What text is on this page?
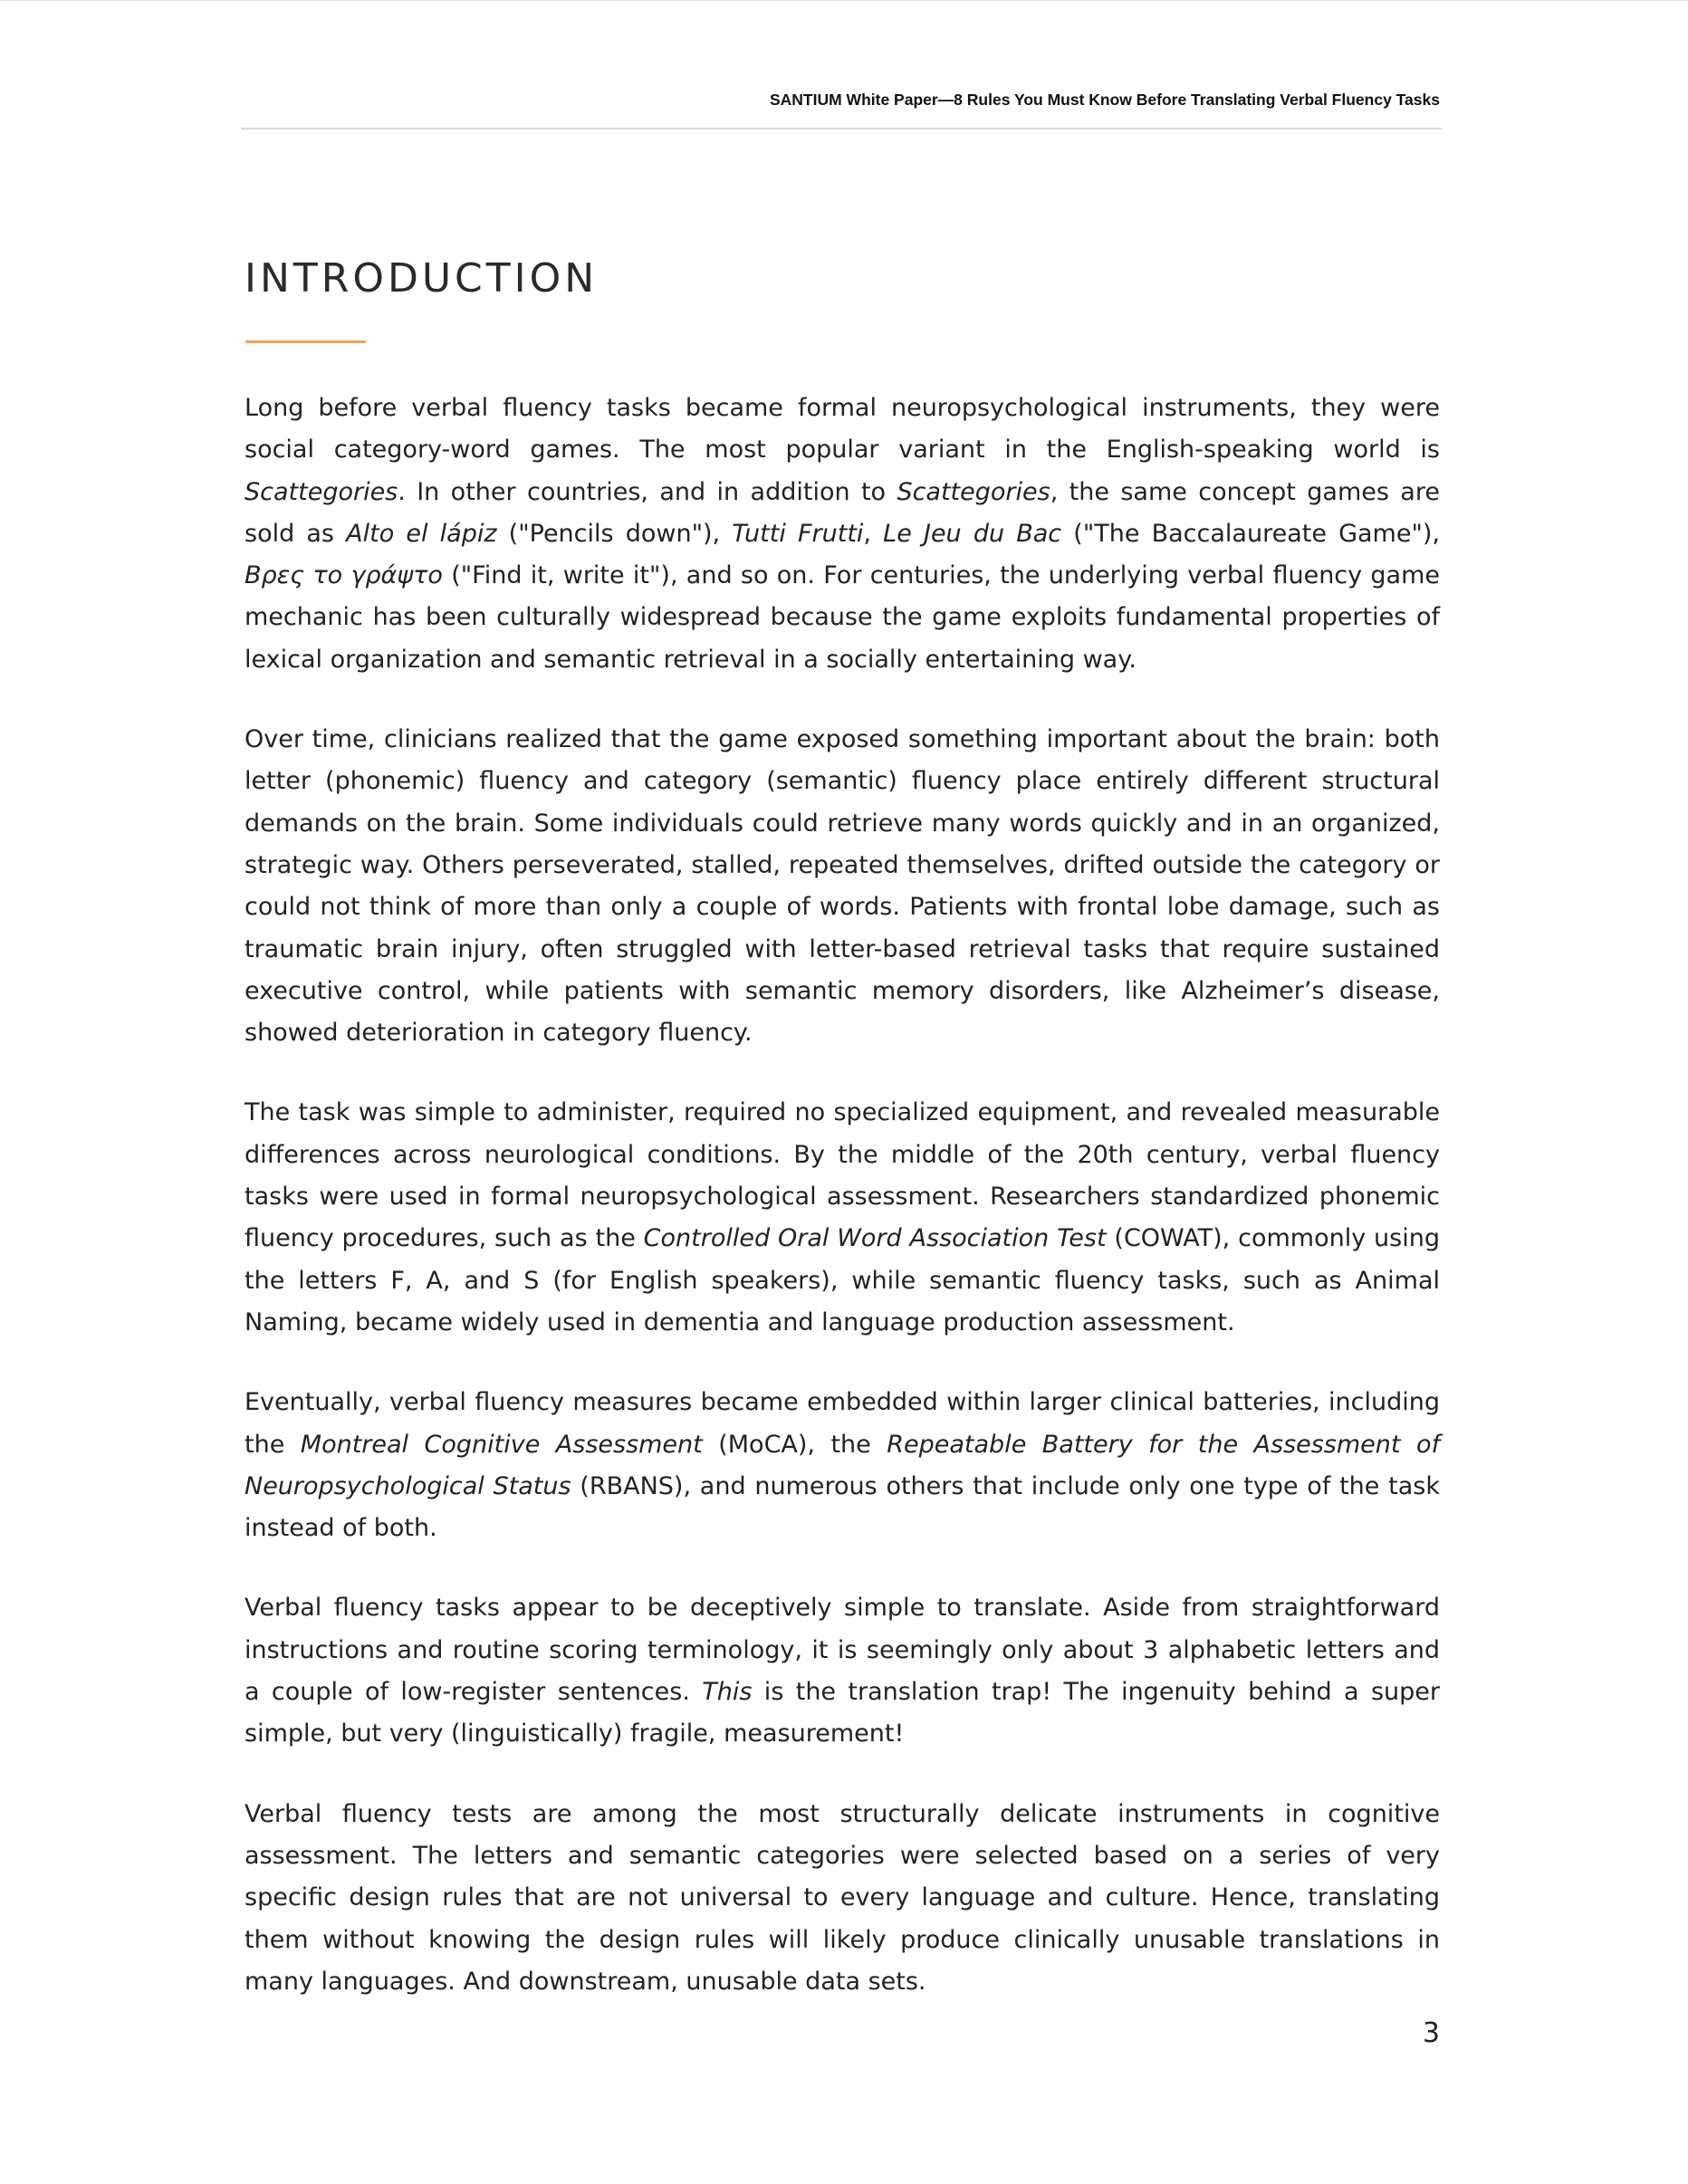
SANTIUM White Paper—8 Rules You Must Know Before Translating Verbal Fluency Tasks
INTRODUCTION

Long before verbal fluency tasks became formal neuropsychological instruments, they were social category-word games. The most popular variant in the English-speaking world is Scattegories. In other countries, and in addition to Scattegories, the same concept games are sold as Alto el lápiz ("Pencils down"), Tutti Frutti, Le Jeu du Bac ("The Baccalaureate Game"), Βρες το γράψτο ("Find it, write it"), and so on. For centuries, the underlying verbal fluency game mechanic has been culturally widespread because the game exploits fundamental properties of lexical organization and semantic retrieval in a socially entertaining way.

Over time, clinicians realized that the game exposed something important about the brain: both letter (phonemic) fluency and category (semantic) fluency place entirely different structural demands on the brain. Some individuals could retrieve many words quickly and in an organized, strategic way. Others perseverated, stalled, repeated themselves, drifted outside the category or could not think of more than only a couple of words. Patients with frontal lobe damage, such as traumatic brain injury, often struggled with letter-based retrieval tasks that require sustained executive control, while patients with semantic memory disorders, like Alzheimer’s disease, showed deterioration in category fluency.

The task was simple to administer, required no specialized equipment, and revealed measurable differences across neurological conditions. By the middle of the 20th century, verbal fluency tasks were used in formal neuropsychological assessment. Researchers standardized phonemic fluency procedures, such as the Controlled Oral Word Association Test (COWAT), commonly using the letters F, A, and S (for English speakers), while semantic fluency tasks, such as Animal Naming, became widely used in dementia and language production assessment.

Eventually, verbal fluency measures became embedded within larger clinical batteries, including the Montreal Cognitive Assessment (MoCA), the Repeatable Battery for the Assessment of Neuropsychological Status (RBANS), and numerous others that include only one type of the task instead of both.

Verbal fluency tasks appear to be deceptively simple to translate. Aside from straightforward instructions and routine scoring terminology, it is seemingly only about 3 alphabetic letters and a couple of low-register sentences. This is the translation trap! The ingenuity behind a super simple, but very (linguistically) fragile, measurement!

Verbal fluency tests are among the most structurally delicate instruments in cognitive assessment. The letters and semantic categories were selected based on a series of very specific design rules that are not universal to every language and culture. Hence, translating them without knowing the design rules will likely produce clinically unusable translations in many languages. And downstream, unusable data sets.

3
